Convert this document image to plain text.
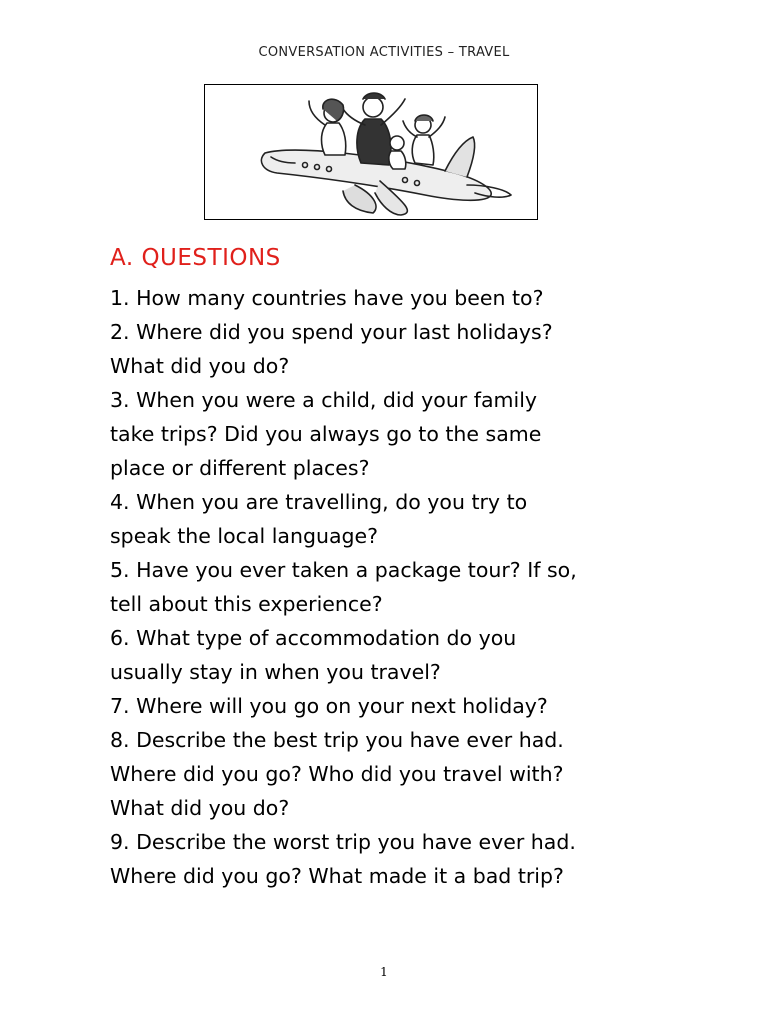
CONVERSATION ACTIVITIES – TRAVEL
A. QUESTIONS
1. How many countries have you been to?
2. Where did you spend your last holidays?
What did you do?
3. When you were a child, did your family
take trips? Did you always go to the same
place or different places?
4. When you are travelling, do you try to
speak the local language?
5. Have you ever taken a package tour? If so,
tell about this experience?
6. What type of accommodation do you
usually stay in when you travel?
7. Where will you go on your next holiday?
8. Describe the best trip you have ever had.
Where did you go? Who did you travel with?
What did you do?
9. Describe the worst trip you have ever had.
Where did you go? What made it a bad trip?
1
